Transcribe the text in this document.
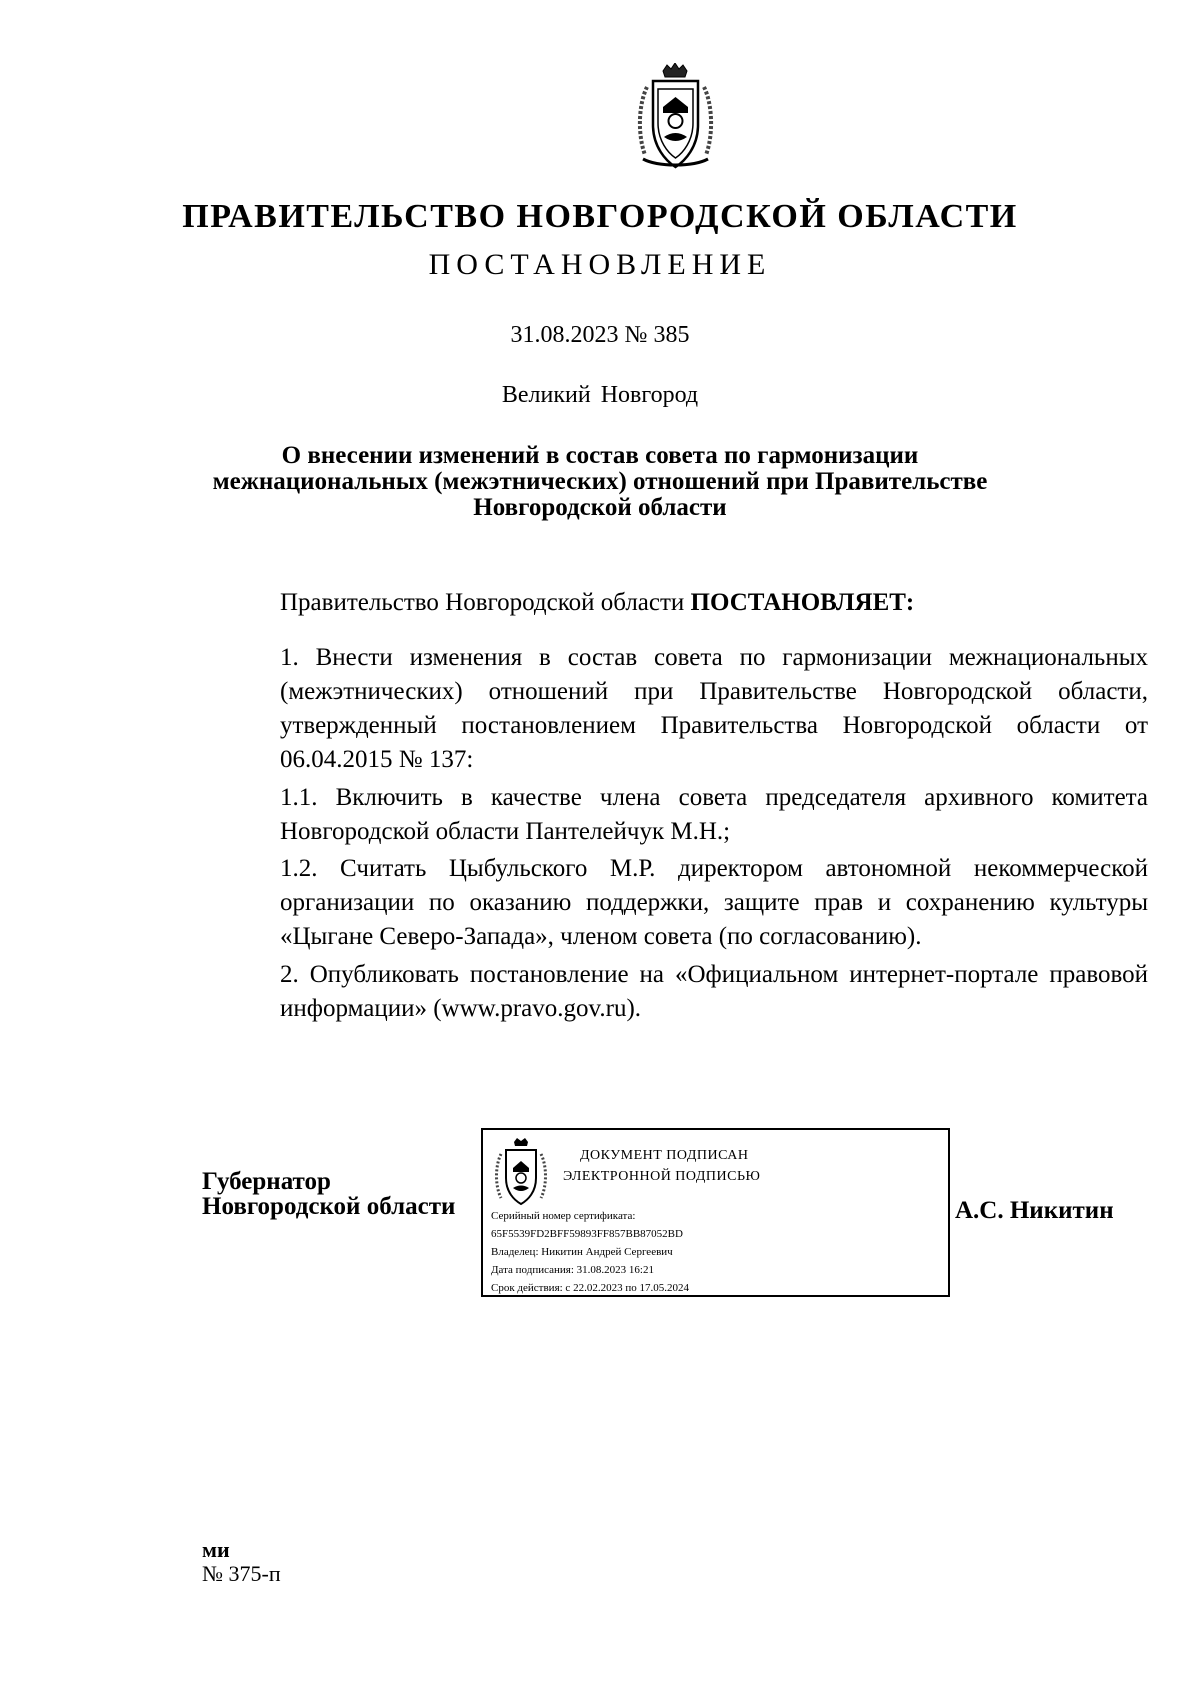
ПРАВИТЕЛЬСТВО НОВГОРОДСКОЙ ОБЛАСТИ
ПОСТАНОВЛЕНИЕ
31.08.2023 № 385
Великий Новгород
О внесении изменений в состав совета по гармонизации
межнациональных (межэтнических) отношений при Правительстве
Новгородской области
Правительство Новгородской области ПОСТАНОВЛЯЕТ:
1. Внести изменения в состав совета по гармонизации межнациональных (межэтнических) отношений при Правительстве Новгородской области, утвержденный постановлением Правительства Новгородской области от 06.04.2015 № 137:
1.1. Включить в качестве члена совета председателя архивного комитета Новгородской области Пантелейчук М.Н.;
1.2. Считать Цыбульского М.Р. директором автономной некоммерческой организации по оказанию поддержки, защите прав и сохранению культуры «Цыгане Северо-Запада», членом совета (по согласованию).
2. Опубликовать постановление на «Официальном интернет-портале правовой информации» (www.pravo.gov.ru).
Губернатор
Новгородской области
ДОКУМЕНТ ПОДПИСАН
ЭЛЕКТРОННОЙ ПОДПИСЬЮ
Серийный номер сертификата:
65F5539FD2BFF59893FF857BB87052BD
Владелец: Никитин Андрей Сергеевич
Дата подписания: 31.08.2023 16:21
Срок действия: с 22.02.2023 по 17.05.2024
А.С. Никитин
ми
№ 375-п
